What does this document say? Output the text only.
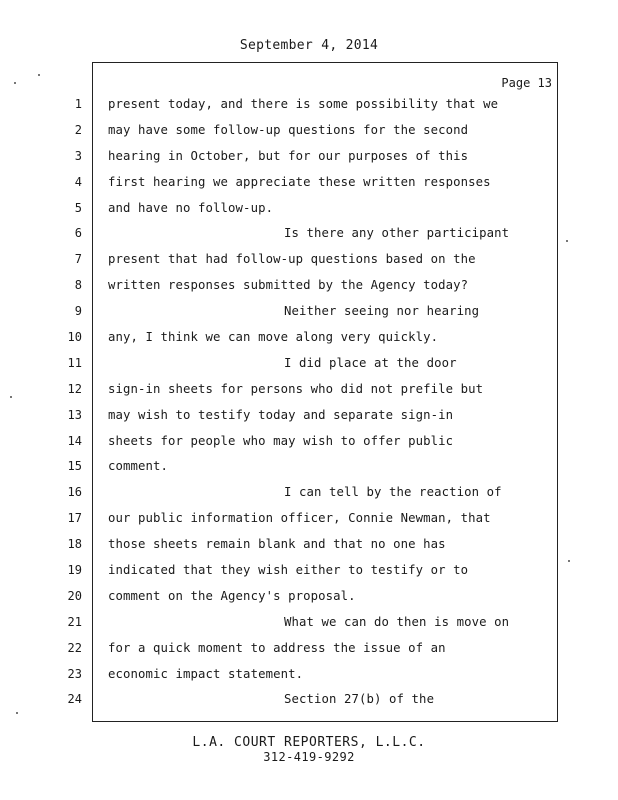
September 4, 2014
Page 13
1
2
3
4
5
6
7
8
9
10
11
12
13
14
15
16
17
18
19
20
21
22
23
24
present today, and there is some possibility that we
may have some follow-up questions for the second
hearing in October, but for our purposes of this
first hearing we appreciate these written responses
and have no follow-up.
Is there any other participant
present that had follow-up questions based on the
written responses submitted by the Agency today?
Neither seeing nor hearing
any, I think we can move along very quickly.
I did place at the door
sign-in sheets for persons who did not prefile but
may wish to testify today and separate sign-in
sheets for people who may wish to offer public
comment.
I can tell by the reaction of
our public information officer, Connie Newman, that
those sheets remain blank and that no one has
indicated that they wish either to testify or to
comment on the Agency's proposal.
What we can do then is move on
for a quick moment to address the issue of an
economic impact statement.
Section 27(b) of the
L.A. COURT REPORTERS, L.L.C.
312-419-9292
